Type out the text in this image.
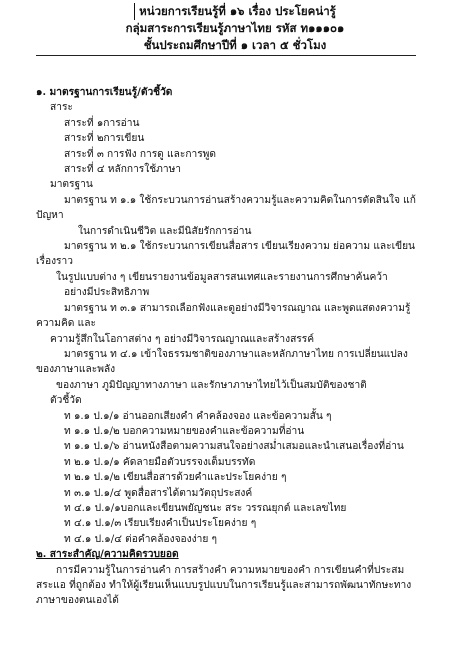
หน่วยการเรียนรู้ที่ ๑๖ เรื่อง ประโยคน่ารู้
กลุ่มสาระการเรียนรู้ภาษาไทย รหัส ท๑๑๑๐๑
ชั้นประถมศึกษาปีที่ ๑ เวลา ๕ ชั่วโมง
๑. มาตรฐานการเรียนรู้/ตัวชี้วัด
สาระ
สาระที่ ๑การอ่าน
สาระที่ ๒การเขียน
สาระที่ ๓ การฟัง การดู และการพูด
สาระที่ ๔ หลักการใช้ภาษา
มาตรฐาน
มาตรฐาน ท ๑.๑ ใช้กระบวนการอ่านสร้างความรู้และความคิดในการตัดสินใจ แก้ปัญหา
ในการดำเนินชีวิต และมีนิสัยรักการอ่าน
มาตรฐาน ท ๒.๑ ใช้กระบวนการเขียนสื่อสาร เขียนเรียงความ ย่อความ และเขียนเรื่องราว
ในรูปแบบต่าง ๆ เขียนรายงานข้อมูลสารสนเทศและรายงานการศึกษาค้นคว้า
อย่างมีประสิทธิภาพ
มาตรฐาน ท ๓.๑ สามารถเลือกฟังและดูอย่างมีวิจารณญาณ และพูดแสดงความรู้ ความคิด และ
ความรู้สึกในโอกาสต่าง ๆ อย่างมีวิจารณญาณและสร้างสรรค์
มาตรฐาน ท ๔.๑ เข้าใจธรรมชาติของภาษาและหลักภาษาไทย การเปลี่ยนแปลงของภาษาและพลัง
ของภาษา ภูมิปัญญาทางภาษา และรักษาภาษาไทยไว้เป็นสมบัติของชาติ
ตัวชี้วัด
ท ๑.๑ ป.๑/๑ อ่านออกเสียงคำ คำคล้องจอง และข้อความสั้น ๆ
ท ๑.๑ ป.๑/๒ บอกความหมายของคำและข้อความที่อ่าน
ท ๑.๑ ป.๑/๖ อ่านหนังสือตามความสนใจอย่างสม่ำเสมอและนำเสนอเรื่องที่อ่าน
ท ๒.๑ ป.๑/๑ คัดลายมือตัวบรรจงเต็มบรรทัด
ท ๒.๑ ป.๑/๒ เขียนสื่อสารด้วยคำและประโยคง่าย ๆ
ท ๓.๑ ป.๑/๔ พูดสื่อสารได้ตามวัตถุประสงค์
ท ๔.๑ ป.๑/๑บอกและเขียนพยัญชนะ สระ วรรณยุกต์ และเลขไทย
ท ๔.๑ ป.๑/๓ เรียบเรียงคำเป็นประโยคง่าย ๆ
ท ๔.๑ ป.๑/๔ ต่อคำคล้องจองง่าย ๆ
๒. สาระสำคัญ/ความคิดรวบยอด
การมีความรู้ในการอ่านคำ การสร้างคำ ความหมายของคำ การเขียนคำที่ประสมสระแอ ที่ถูกต้อง ทำให้ผู้เรียนเห็นแบบรูปแบบในการเรียนรู้และสามารถพัฒนาทักษะทางภาษาของตนเองได้
